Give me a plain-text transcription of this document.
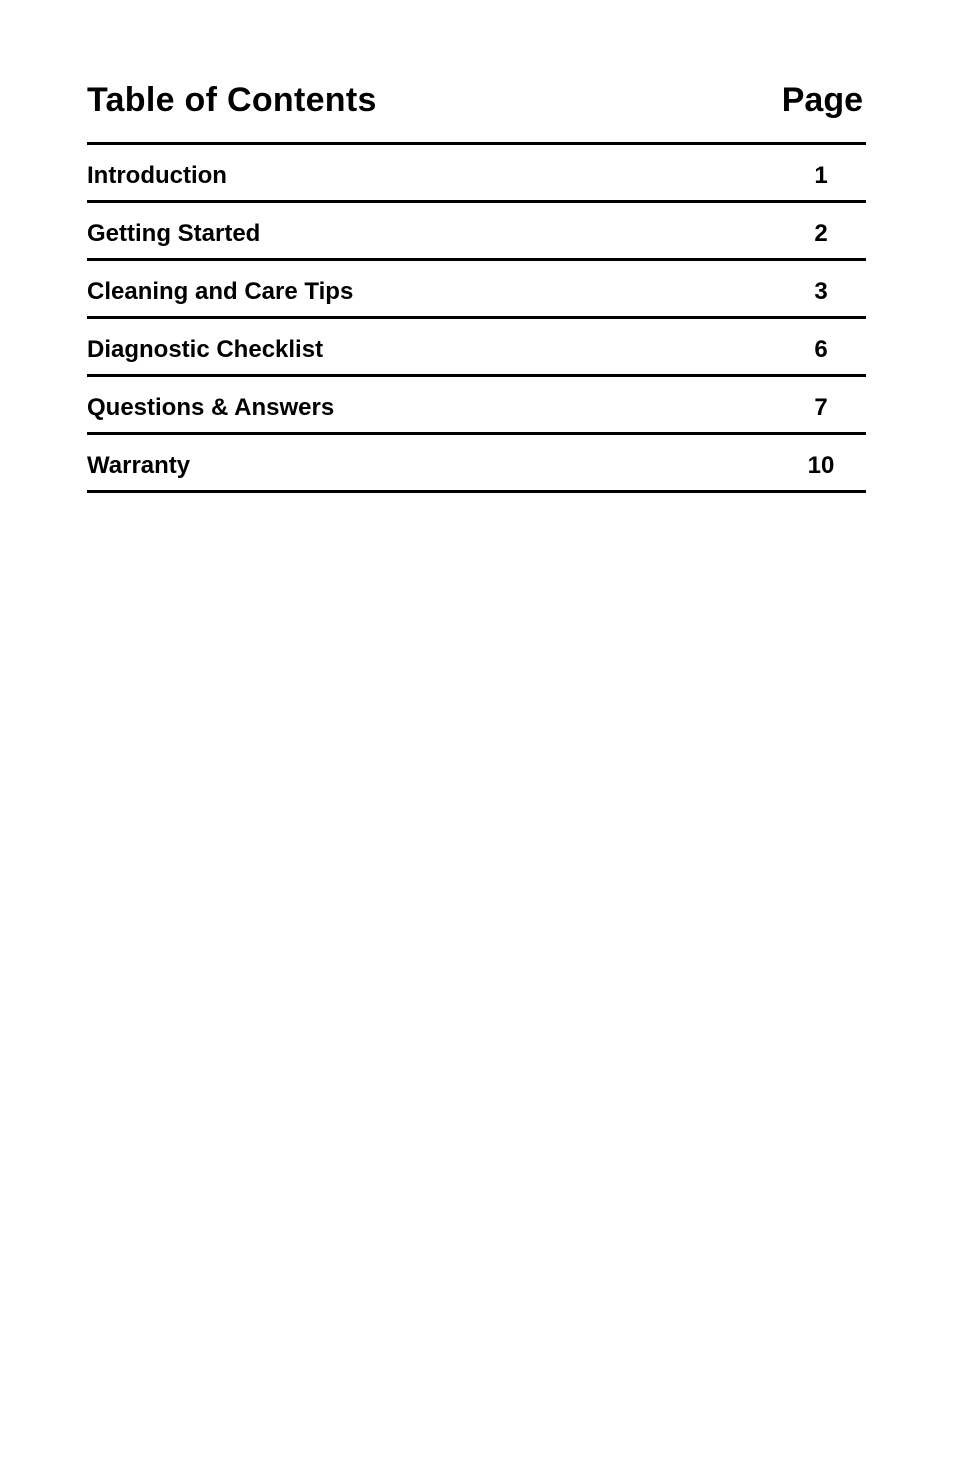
Table of Contents	Page
Introduction	1
Getting Started	2
Cleaning and Care Tips	3
Diagnostic Checklist	6
Questions & Answers	7
Warranty	10
